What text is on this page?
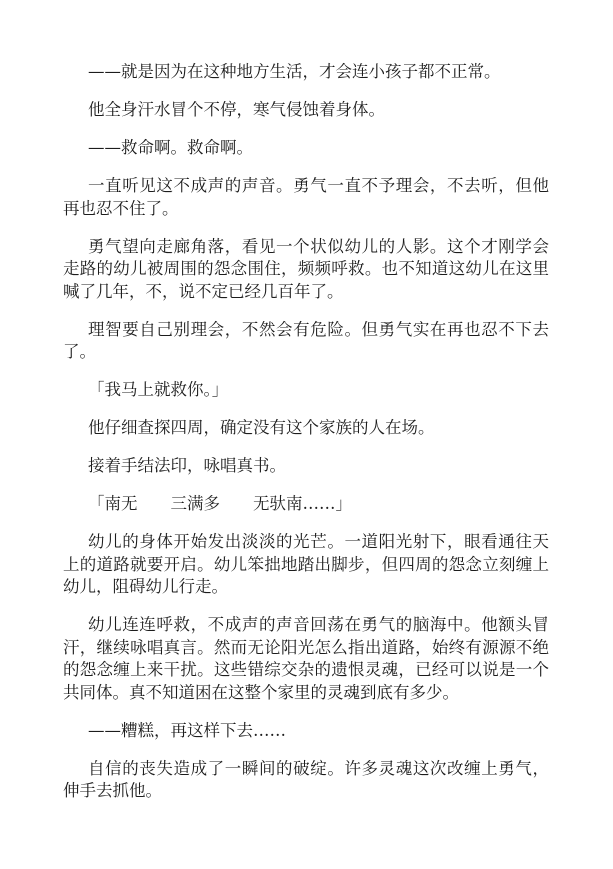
——就是因为在这种地方生活，才会连小孩子都不正常。
他全身汗水冒个不停，寒气侵蚀着身体。
——救命啊。救命啊。
一直听见这不成声的声音。勇气一直不予理会，不去听，但他
再也忍不住了。
勇气望向走廊角落，看见一个状似幼儿的人影。这个才刚学会
走路的幼儿被周围的怨念围住，频频呼救。也不知道这幼儿在这里
喊了几年，不，说不定已经几百年了。
理智要自己别理会，不然会有危险。但勇气实在再也忍不下去
了。
「我马上就救你。」
他仔细查探四周，确定没有这个家族的人在场。
接着手结法印，咏唱真书。
「南无　　三满多　　无驮南……」
幼儿的身体开始发出淡淡的光芒。一道阳光射下，眼看通往天
上的道路就要开启。幼儿笨拙地踏出脚步，但四周的怨念立刻缠上
幼儿，阻碍幼儿行走。
幼儿连连呼救，不成声的声音回荡在勇气的脑海中。他额头冒
汗，继续咏唱真言。然而无论阳光怎么指出道路，始终有源源不绝
的怨念缠上来干扰。这些错综交杂的遗恨灵魂，已经可以说是一个
共同体。真不知道困在这整个家里的灵魂到底有多少。
——糟糕，再这样下去……
自信的丧失造成了一瞬间的破绽。许多灵魂这次改缠上勇气，
伸手去抓他。
